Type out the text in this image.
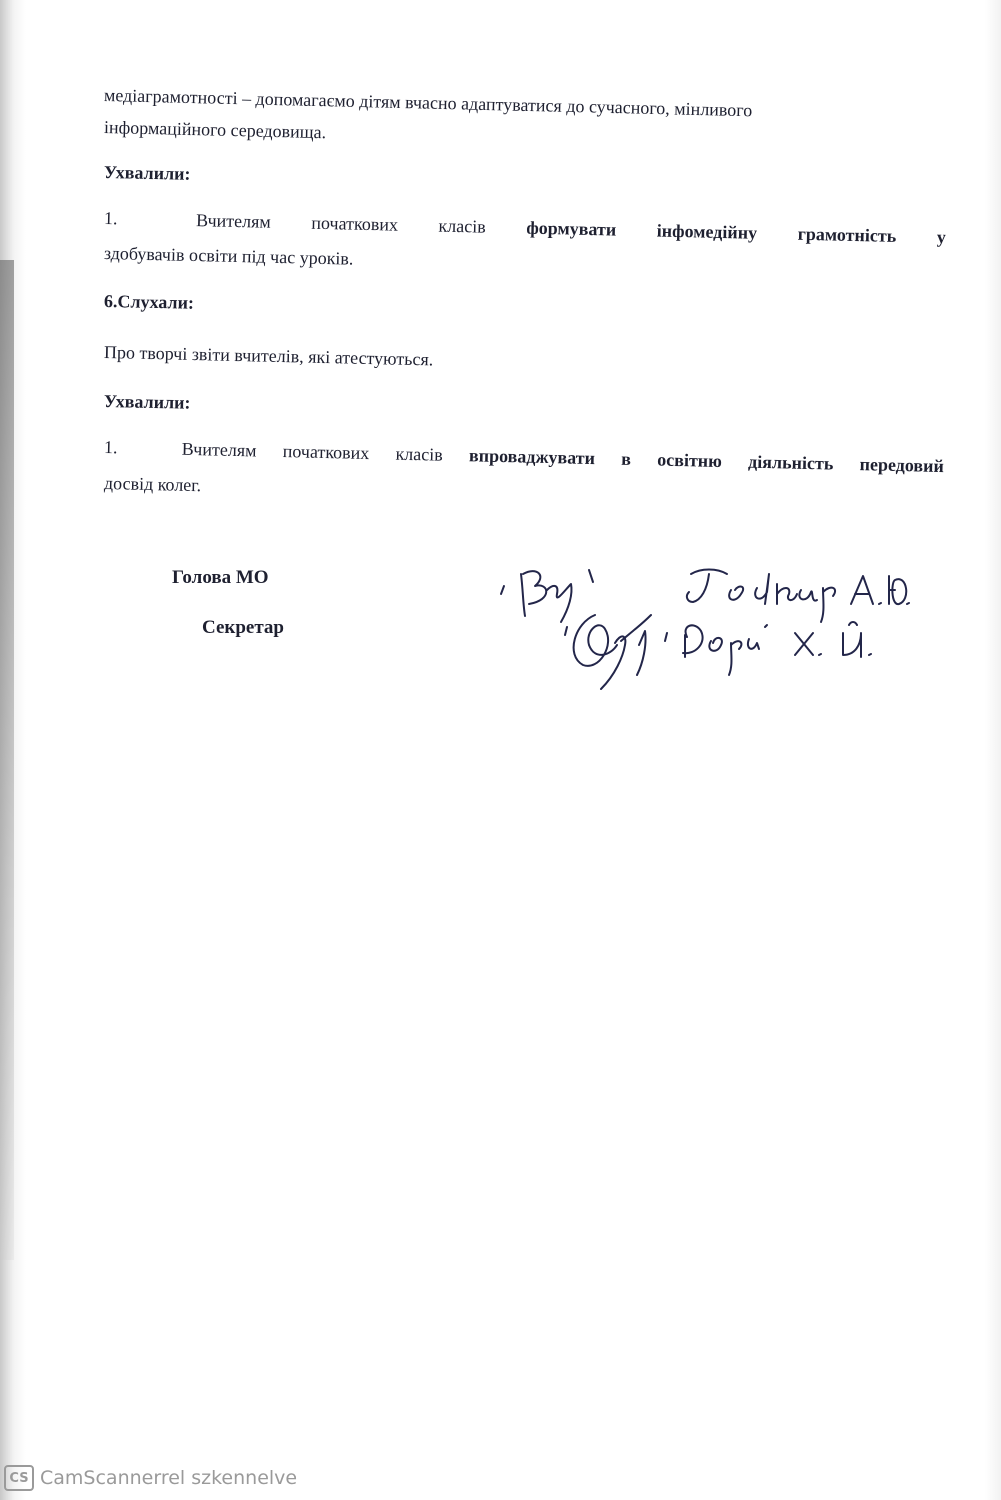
медіаграмотності – допомагаємо дітям вчасно адаптуватися до сучасного, мінливого
інформаційного середовища.
Ухвалили:
1.	Вчителям початкових класів формувати інфомедійну грамотність у
здобувачів освіти під час уроків.
6.Слухали:
Про творчі звіти вчителів, які атестуються.
Ухвалили:
1.	Вчителям початкових класів впроваджувати в освітню діяльність передовий
досвід колег.
Голова МО
Секретар
CS CamScannerrel szkennelve
